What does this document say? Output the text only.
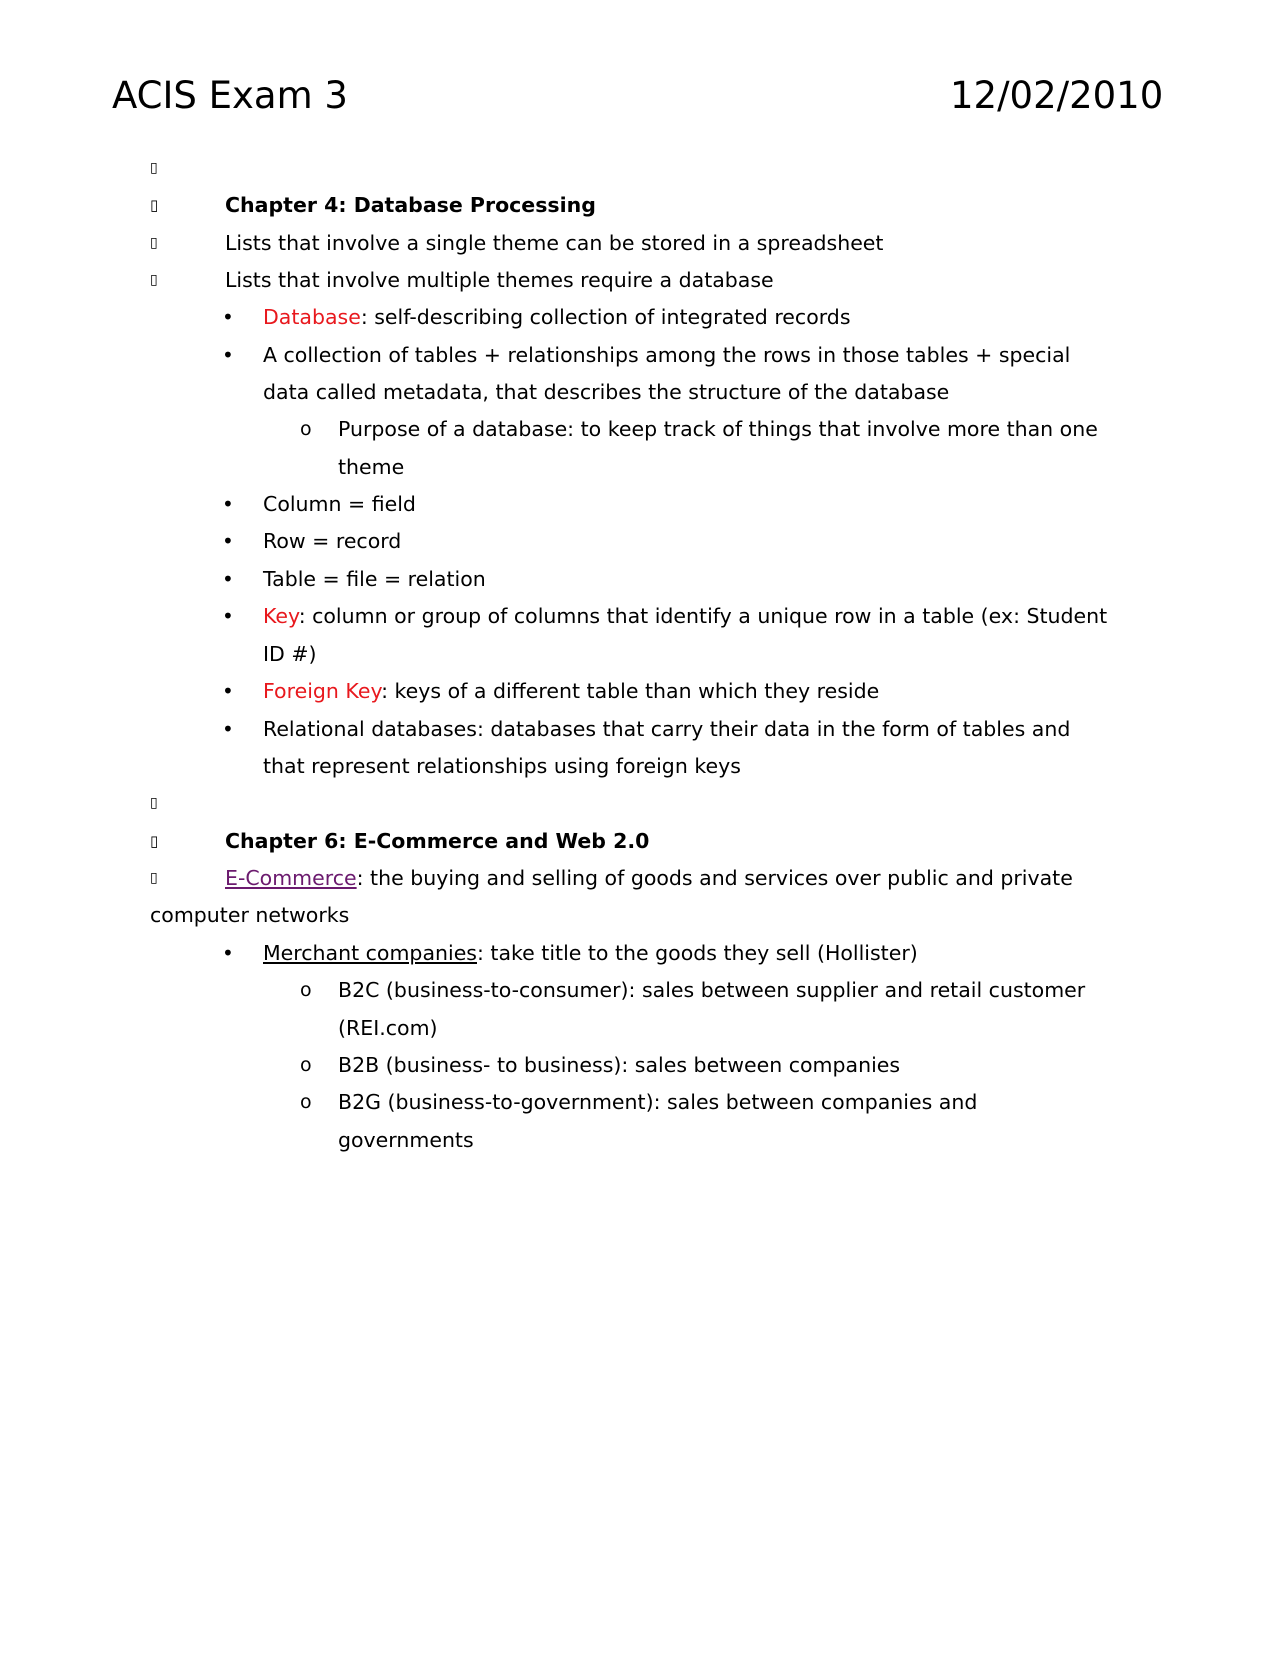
ACIS Exam 3	12/02/2010
▯
▯	Chapter 4: Database Processing
▯	Lists that involve a single theme can be stored in a spreadsheet
▯	Lists that involve multiple themes require a database
• Database: self-describing collection of integrated records
• A collection of tables + relationships among the rows in those tables + special
data called metadata, that describes the structure of the database
o Purpose of a database: to keep track of things that involve more than one
theme
• Column = field
• Row = record
• Table = file = relation
• Key: column or group of columns that identify a unique row in a table (ex: Student
ID #)
• Foreign Key: keys of a different table than which they reside
• Relational databases: databases that carry their data in the form of tables and
that represent relationships using foreign keys
▯
▯	Chapter 6: E-Commerce and Web 2.0
▯	E-Commerce: the buying and selling of goods and services over public and private
computer networks
• Merchant companies: take title to the goods they sell (Hollister)
o B2C (business-to-consumer): sales between supplier and retail customer
(REI.com)
o B2B (business- to business): sales between companies
o B2G (business-to-government): sales between companies and
governments
